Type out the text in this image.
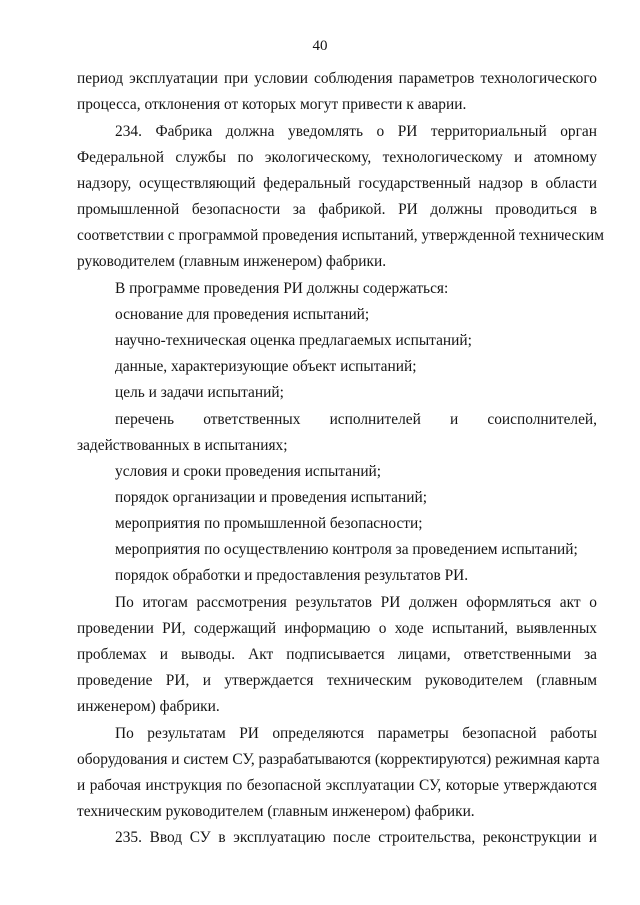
40
период эксплуатации при условии соблюдения параметров технологического
процесса, отклонения от которых могут привести к аварии.
234. Фабрика должна уведомлять о РИ территориальный орган
Федеральной службы по экологическому, технологическому и атомному
надзору, осуществляющий федеральный государственный надзор в области
промышленной безопасности за фабрикой. РИ должны проводиться в
соответствии с программой проведения испытаний, утвержденной техническим
руководителем (главным инженером) фабрики.
В программе проведения РИ должны содержаться:
основание для проведения испытаний;
научно-техническая оценка предлагаемых испытаний;
данные, характеризующие объект испытаний;
цель и задачи испытаний;
перечень ответственных исполнителей и соисполнителей,
задействованных в испытаниях;
условия и сроки проведения испытаний;
порядок организации и проведения испытаний;
мероприятия по промышленной безопасности;
мероприятия по осуществлению контроля за проведением испытаний;
порядок обработки и предоставления результатов РИ.
По итогам рассмотрения результатов РИ должен оформляться акт о
проведении РИ, содержащий информацию о ходе испытаний, выявленных
проблемах и выводы. Акт подписывается лицами, ответственными за
проведение РИ, и утверждается техническим руководителем (главным
инженером) фабрики.
По результатам РИ определяются параметры безопасной работы
оборудования и систем СУ, разрабатываются (корректируются) режимная карта
и рабочая инструкция по безопасной эксплуатации СУ, которые утверждаются
техническим руководителем (главным инженером) фабрики.
235. Ввод СУ в эксплуатацию после строительства, реконструкции и
